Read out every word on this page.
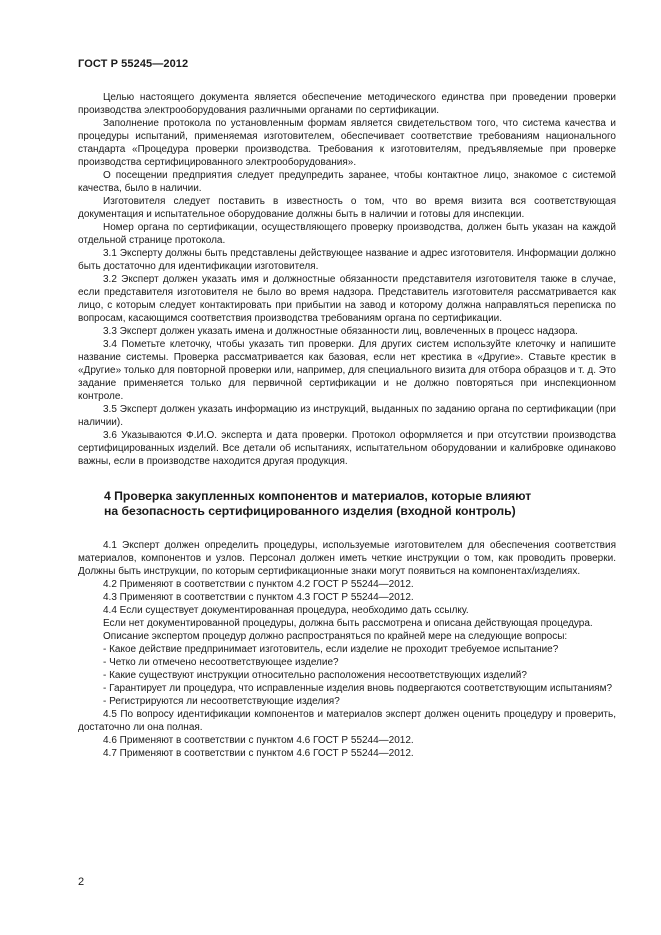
ГОСТ Р 55245—2012

Целью настоящего документа является обеспечение методического единства при проведении проверки производства электрооборудования различными органами по сертификации.

Заполнение протокола по установленным формам является свидетельством того, что система качества и процедуры испытаний, применяемая изготовителем, обеспечивает соответствие требованиям национального стандарта «Процедура проверки производства. Требования к изготовителям, предъявляемые при проверке производства сертифицированного электрооборудования».

О посещении предприятия следует предупредить заранее, чтобы контактное лицо, знакомое с системой качества, было в наличии.

Изготовителя следует поставить в известность о том, что во время визита вся соответствующая документация и испытательное оборудование должны быть в наличии и готовы для инспекции.

Номер органа по сертификации, осуществляющего проверку производства, должен быть указан на каждой отдельной странице протокола.

3.1 Эксперту должны быть представлены действующее название и адрес изготовителя. Информации должно быть достаточно для идентификации изготовителя.

3.2 Эксперт должен указать имя и должностные обязанности представителя изготовителя также в случае, если представителя изготовителя не было во время надзора. Представитель изготовителя рассматривается как лицо, с которым следует контактировать при прибытии на завод и которому должна направляться переписка по вопросам, касающимся соответствия производства требованиям органа по сертификации.

3.3 Эксперт должен указать имена и должностные обязанности лиц, вовлеченных в процесс надзора.

3.4 Пометьте клеточку, чтобы указать тип проверки. Для других систем используйте клеточку и напишите название системы. Проверка рассматривается как базовая, если нет крестика в «Другие». Ставьте крестик в «Другие» только для повторной проверки или, например, для специального визита для отбора образцов и т. д. Это задание применяется только для первичной сертификации и не должно повторяться при инспекционном контроле.

3.5 Эксперт должен указать информацию из инструкций, выданных по заданию органа по сертификации (при наличии).

3.6 Указываются Ф.И.О. эксперта и дата проверки. Протокол оформляется и при отсутствии производства сертифицированных изделий. Все детали об испытаниях, испытательном оборудовании и калибровке одинаково важны, если в производстве находится другая продукция.

4 Проверка закупленных компонентов и материалов, которые влияют
на безопасность сертифицированного изделия (входной контроль)

4.1 Эксперт должен определить процедуры, используемые изготовителем для обеспечения соответствия материалов, компонентов и узлов. Персонал должен иметь четкие инструкции о том, как проводить проверки. Должны быть инструкции, по которым сертификационные знаки могут появиться на компонентах/изделиях.

4.2 Применяют в соответствии с пунктом 4.2 ГОСТ Р 55244—2012.

4.3 Применяют в соответствии с пунктом 4.3 ГОСТ Р 55244—2012.

4.4 Если существует документированная процедура, необходимо дать ссылку.

Если нет документированной процедуры, должна быть рассмотрена и описана действующая процедура.

Описание экспертом процедур должно распространяться по крайней мере на следующие вопросы:

- Какое действие предпринимает изготовитель, если изделие не проходит требуемое испытание?

- Четко ли отмечено несоответствующее изделие?

- Какие существуют инструкции относительно расположения несоответствующих изделий?

- Гарантирует ли процедура, что исправленные изделия вновь подвергаются соответствующим испытаниям?

- Регистрируются ли несоответствующие изделия?

4.5 По вопросу идентификации компонентов и материалов эксперт должен оценить процедуру и проверить, достаточно ли она полная.

4.6 Применяют в соответствии с пунктом 4.6 ГОСТ Р 55244—2012.

4.7 Применяют в соответствии с пунктом 4.6 ГОСТ Р 55244—2012.

2
